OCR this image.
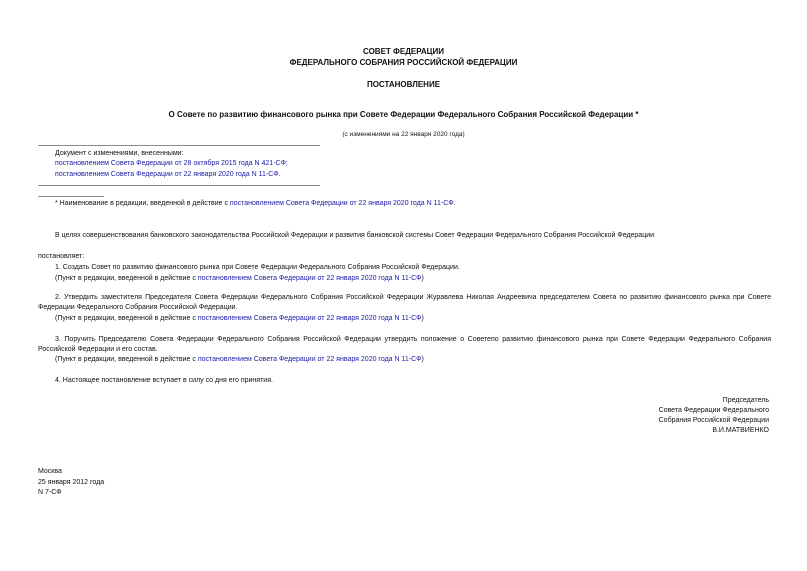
СОВЕТ ФЕДЕРАЦИИ
ФЕДЕРАЛЬНОГО СОБРАНИЯ РОССИЙСКОЙ ФЕДЕРАЦИИ
ПОСТАНОВЛЕНИЕ
О Совете по развитию финансового рынка при Совете Федерации Федерального Собрания Российской Федерации *
(с изменениями на 22 января 2020 года)
Документ с изменениями, внесенными:
постановлением Совета Федерации от 28 октября 2015 года N 421-СФ;
постановлением Совета Федерации от 22 января 2020 года N 11-СФ.
* Наименование в редакции, введенной в действие с постановлением Совета Федерации от 22 января 2020 года N 11-СФ.
В целях совершенствования банковского законодательства Российской Федерации и развития банковской системы Совет Федерации Федерального Собрания Российской Федерации
постановляет:
1. Создать Совет по развитию финансового рынка при Совете Федерации Федерального Собрания Российской Федерации.
(Пункт в редакции, введенной в действие с постановлением Совета Федерации от 22 января 2020 года N 11-СФ)
2. Утвердить заместителя Председателя Совета Федерации Федерального Собрания Российской Федерации Журавлева Николая Андреевича председателем Совета по развитию финансового рынка при Совете Федерации Федерального Собрания Российской Федерации.
(Пункт в редакции, введенной в действие с постановлением Совета Федерации от 22 января 2020 года N 11-СФ)
3. Поручить Председателю Совета Федерации Федерального Собрания Российской Федерации утвердить положение о Советепо развитию финансового рынка при Совете Федерации Федерального Собрания Российской Федерации и его состав.
(Пункт в редакции, введенной в действие с постановлением Совета Федерации от 22 января 2020 года N 11-СФ)
4. Настоящее постановление вступает в силу со дня его принятия.
Председатель
Совета Федерации Федерального
Собрания Российской Федерации
В.И.МАТВИЕНКО
Москва
25 января 2012 года
N 7-СФ
